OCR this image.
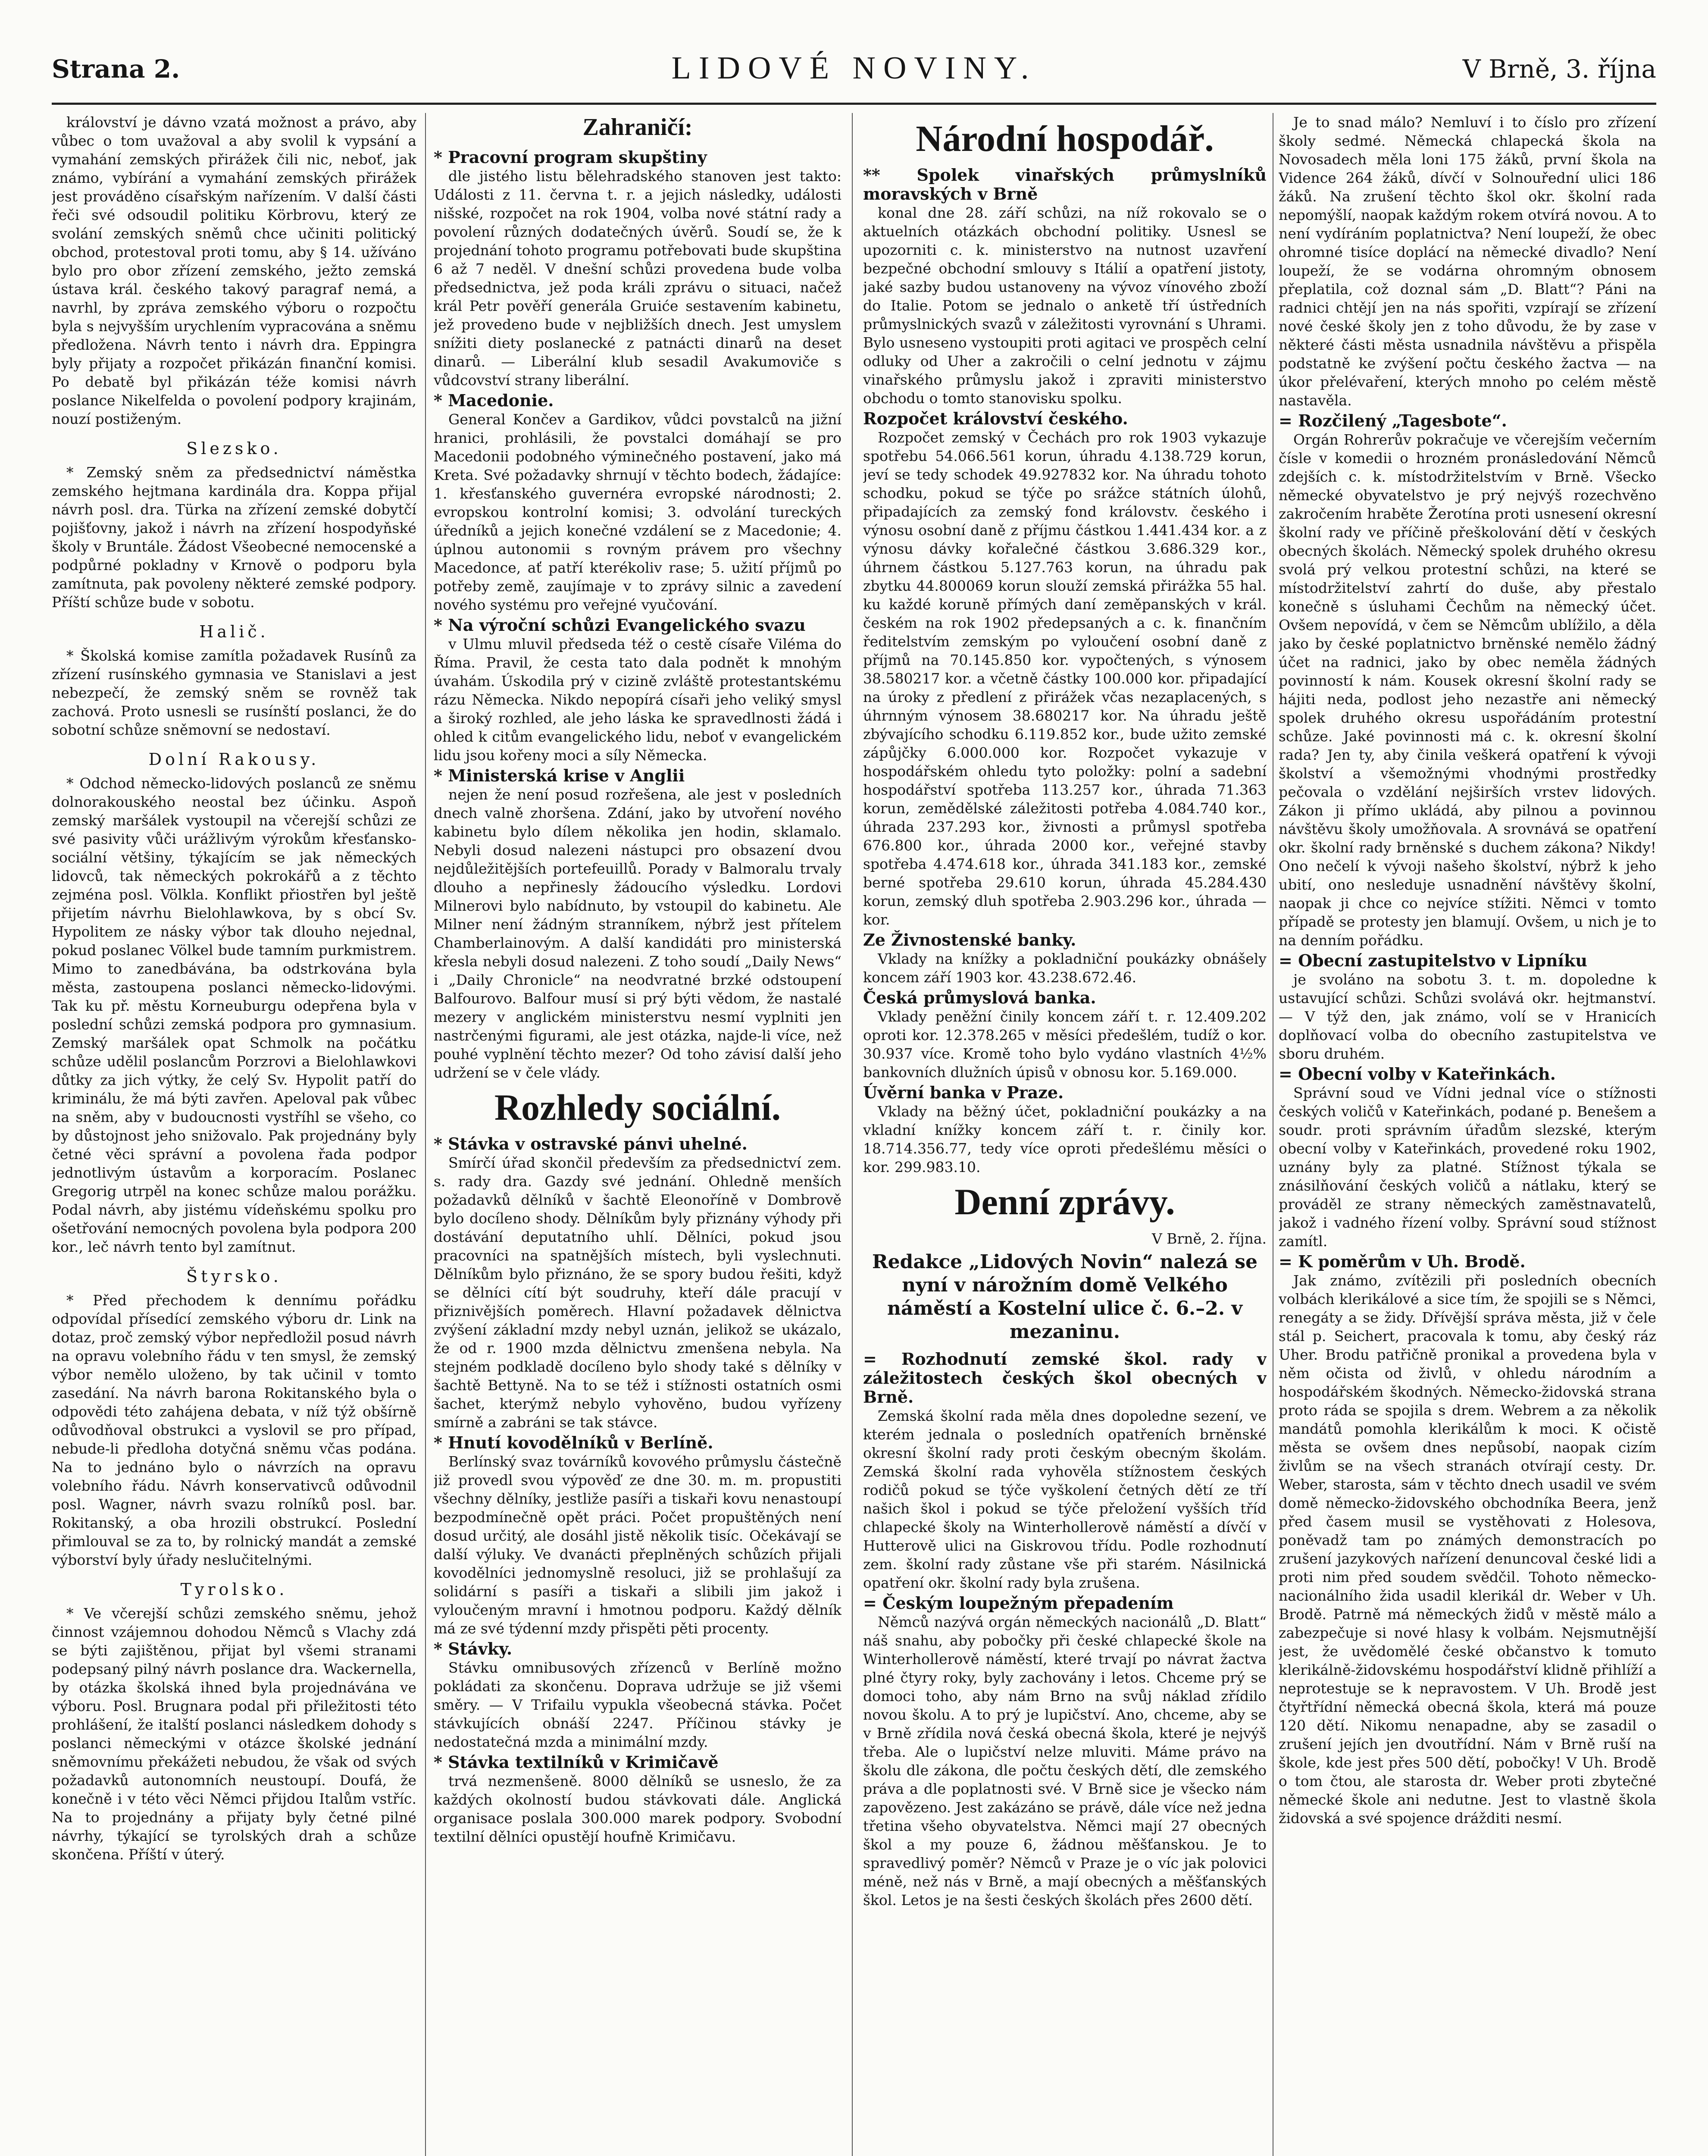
Strana 2.	LIDOVÉ NOVINY.	V Brně, 3. října

království je dávno vzatá možnost a právo, aby vůbec o tom uvažoval a aby svolil k vypsání a vymahání zemských přirážek čili nic, neboť, jak známo, vybírání a vymahání zemských přirážek jest prováděno císařským nařízením. V další části řeči své odsoudil politiku Körbrovu, který ze svolání zemských sněmů chce učiniti politický obchod, protestoval proti tomu, aby § 14. užíváno bylo pro obor zřízení zemského, ježto zemská ústava král. českého takový paragraf nemá, a navrhl, by zpráva zemského výboru o rozpočtu byla s nejvyšším urychlením vypracována a sněmu předložena. Návrh tento i návrh dra. Eppingra byly přijaty a rozpočet přikázán finanční komisi. Po debatě byl přikázán téže komisi návrh poslance Nikelfelda o povolení podpory krajinám, nouzí postiženým.

Slezsko.

* Zemský sněm za předsednictví náměstka zemského hejtmana kardinála dra. Koppa přijal návrh posl. dra. Türka na zřízení zemské dobytčí pojišťovny, jakož i návrh na zřízení hospodyňské školy v Bruntále. Žádost Všeobecné nemocenské a podpůrné pokladny v Krnově o podporu byla zamítnuta, pak povoleny některé zemské podpory. Příští schůze bude v sobotu.

Halič.

* Školská komise zamítla požadavek Rusínů za zřízení rusínského gymnasia ve Stanislavi a jest nebezpečí, že zemský sněm se rovněž tak zachová. Proto usnesli se rusínští poslanci, že do sobotní schůze sněmovní se nedostaví.

Dolní Rakousy.

* Odchod německo-lidových poslanců ze sněmu dolnorakouského neostal bez účinku. Aspoň zemský maršálek vystoupil na včerejší schůzi ze své pasivity vůči urážlivým výrokům křesťansko-sociální většiny, týkajícím se jak německých lidovců, tak německých pokrokářů a z těchto zejména posl. Völkla. Konflikt přiostřen byl ještě přijetím návrhu Bielohlawkova, by s obcí Sv. Hypolitem ze násky výbor tak dlouho nejednal, pokud poslanec Völkel bude tamním purkmistrem. Mimo to zanedbávána, ba odstrkována byla města, zastoupena poslanci německo-lidovými. Tak ku př. městu Korneuburgu odepřena byla v poslední schůzi zemská podpora pro gymnasium. Zemský maršálek opat Schmolk na počátku schůze udělil poslancům Porzrovi a Bielohlawkovi důtky za jich výtky, že celý Sv. Hypolit patří do kriminálu, že má býti zavřen. Apeloval pak vůbec na sněm, aby v budoucnosti vystříhl se všeho, co by důstojnost jeho snižovalo. Pak projednány byly četné věci správní a povolena řada podpor jednotlivým ústavům a korporacím. Poslanec Gregorig utrpěl na konec schůze malou porážku. Podal návrh, aby jistému vídeňskému spolku pro ošetřování nemocných povolena byla podpora 200 kor., leč návrh tento byl zamítnut.

Štyrsko.

* Před přechodem k dennímu pořádku odpovídal přísedící zemského výboru dr. Link na dotaz, proč zemský výbor nepředložil posud návrh na opravu volebního řádu v ten smysl, že zemský výbor nemělo uloženo, by tak učinil v tomto zasedání. Na návrh barona Rokitanského byla o odpovědi této zahájena debata, v níž týž obšírně odůvodňoval obstrukci a vyslovil se pro případ, nebude-li předloha dotyčná sněmu včas podána. Na to jednáno bylo o návrzích na opravu volebního řádu. Návrh konservativců odůvodnil posl. Wagner, návrh svazu rolníků posl. bar. Rokitanský, a oba hrozili obstrukcí. Poslední přimlouval se za to, by rolnický mandát a zemské výborství byly úřady neslučitelnými.

Tyrolsko.

* Ve včerejší schůzi zemského sněmu, jehož činnost vzájemnou dohodou Němců s Vlachy zdá se býti zajištěnou, přijat byl všemi stranami podepsaný pilný návrh poslance dra. Wackernella, by otázka školská ihned byla projednávána ve výboru. Posl. Brugnara podal při přiležitosti této prohlášení, že italští poslanci následkem dohody s poslanci německými v otázce školské jednání sněmovnímu překážeti nebudou, že však od svých požadavků autonomních neustoupí. Doufá, že konečně i v této věci Němci přijdou Italům vstříc. Na to projednány a přijaty byly četné pilné návrhy, týkající se tyrolských drah a schůze skončena. Příští v úterý.

Zahraničí:
* Pracovní program skupštiny

dle jistého listu bělehradského stanoven jest takto: Události z 11. června t. r. a jejich následky, události nišské, rozpočet na rok 1904, volba nové státní rady a povolení různých dodatečných úvěrů. Soudí se, že k projednání tohoto programu potřebovati bude skupština 6 až 7 neděl. V dnešní schůzi provedena bude volba předsednictva, jež poda králi zprávu o situaci, načež král Petr pověří generála Gruiće sestavením kabinetu, jež provedeno bude v nejbližších dnech. Jest umyslem snížiti diety poslanecké z patnácti dinarů na deset dinarů. — Liberální klub sesadil Avakumoviče s vůdcovství strany liberální.

* Macedonie.

General Končev a Gardikov, vůdci povstalců na jižní hranici, prohlásili, že povstalci domáhají se pro Macedonii podobného výminečného postavení, jako má Kreta. Své požadavky shrnují v těchto bodech, žádajíce: 1. křesťanského guvernéra evropské národnosti; 2. evropskou kontrolní komisi; 3. odvolání tureckých úředníků a jejich konečné vzdálení se z Macedonie; 4. úplnou autonomii s rovným právem pro všechny Macedonce, ať patří kterékoliv rase; 5. užití příjmů po potřeby země, zaujímaje v to zprávy silnic a zavedení nového systému pro veřejné vyučování.

* Na výroční schůzi Evangelického svazu

v Ulmu mluvil předseda též o cestě císaře Viléma do Říma. Pravil, že cesta tato dala podnět k mnohým úvahám. Úskodila prý v cizině zvláště protestantskému rázu Německa. Nikdo nepopírá císaři jeho veliký smysl a široký rozhled, ale jeho láska ke spravedlnosti žádá i ohled k citům evangelického lidu, neboť v evangelickém lidu jsou kořeny moci a síly Německa.

* Ministerská krise v Anglii

nejen že není posud rozřešena, ale jest v posledních dnech valně zhoršena. Zdání, jako by utvoření nového kabinetu bylo dílem několika jen hodin, sklamalo. Nebyli dosud nalezeni nástupci pro obsazení dvou nejdůležitějších portefeuillů. Porady v Balmoralu trvaly dlouho a nepřinesly žádoucího výsledku. Lordovi Milnerovi bylo nabídnuto, by vstoupil do kabinetu. Ale Milner není žádným stranníkem, nýbrž jest přítelem Chamberlainovým. A další kandidáti pro ministerská křesla nebyli dosud nalezeni. Z toho soudí „Daily News“ i „Daily Chronicle“ na neodvratné brzké odstoupení Balfourovo. Balfour musí si prý býti vědom, že nastalé mezery v anglickém ministerstvu nesmí vyplniti jen nastrčenými figurami, ale jest otázka, najde-li více, než pouhé vyplnění těchto mezer? Od toho závisí další jeho udržení se v čele vlády.

Rozhledy sociální.
* Stávka v ostravské pánvi uhelné.

Smírčí úřad skončil především za předsednictví zem. s. rady dra. Gazdy své jednání. Ohledně menších požadavků dělníků v šachtě Eleonoříně v Dombrově bylo docíleno shody. Dělníkům byly přiznány výhody při dostávání deputatního uhlí. Dělníci, pokud jsou pracovníci na spatnějších místech, byli vyslechnuti. Dělníkům bylo přiznáno, že se spory budou řešiti, když se dělníci cítí být soudruhy, kteří dále pracují v přiznivějších poměrech. Hlavní požadavek dělnictva zvýšení základní mzdy nebyl uznán, jelikož se ukázalo, že od r. 1900 mzda dělnictvu zmenšena nebyla. Na stejném podkladě docíleno bylo shody také s dělníky v šachtě Bettyně. Na to se též i stížnosti ostatních osmi šachet, kterýmž nebylo vyhověno, budou vyřízeny smírně a zabráni se tak stávce.

* Hnutí kovodělníků v Berlíně.

Berlínský svaz továrníků kovového průmyslu částečně již provedl svou výpověď ze dne 30. m. m. propustiti všechny dělníky, jestliže pasíři a tiskaři kovu nenastoupí bezpodmínečně opět práci. Počet propuštěných není dosud určitý, ale dosáhl jistě několik tisíc. Očekávají se další výluky. Ve dvanácti přeplněných schůzích přijali kovodělníci jednomyslně resoluci, již se prohlašují za solidární s pasíři a tiskaři a slibili jim jakož i vyloučeným mravní i hmotnou podporu. Každý dělník má ze své týdenní mzdy přispěti pěti procenty.

* Stávky.

Stávku omnibusových zřízenců v Berlíně možno pokládati za skončenu. Doprava udržuje se již všemi směry. — V Trifailu vypukla všeobecná stávka. Počet stávkujících obnáší 2247. Příčinou stávky je nedostatečná mzda a minimální mzdy.

* Stávka textilníků v Krimičavě

trvá nezmenšeně. 8000 dělníků se usneslo, že za každých okolností budou stávkovati dále. Anglická organisace poslala 300.000 marek podpory. Svobodní textilní dělníci opustějí houfně Krimičavu.

Národní hospodář.
** Spolek vinařských průmyslníků moravských v Brně

konal dne 28. září schůzi, na níž rokovalo se o aktuelních otázkách obchodní politiky. Usnesl se upozorniti c. k. ministerstvo na nutnost uzavření bezpečné obchodní smlouvy s Itálií a opatření jistoty, jaké sazby budou ustanoveny na vývoz vínového zboží do Italie. Potom se jednalo o anketě tří ústředních průmyslnických svazů v záležitosti vyrovnání s Uhrami. Bylo usneseno vystoupiti proti agitaci ve prospěch celní odluky od Uher a zakročili o celní jednotu v zájmu vinařského průmyslu jakož i zpraviti ministerstvo obchodu o tomto stanovisku spolku.

Rozpočet království českého.

Rozpočet zemský v Čechách pro rok 1903 vykazuje spotřebu 54.066.561 korun, úhradu 4.138.729 korun, jeví se tedy schodek 49.927832 kor. Na úhradu tohoto schodku, pokud se týče po srážce státních úlohů, připadajících za zemský fond královstv. českého i výnosu osobní daně z příjmu částkou 1.441.434 kor. a z výnosu dávky kořalečné částkou 3.686.329 kor., úhrnem částkou 5.127.763 korun, na úhradu pak zbytku 44.800069 korun slouží zemská přirážka 55 hal. ku každé koruně přímých daní zeměpanských v král. českém na rok 1902 předepsaných a c. k. finančním ředitelstvím zemským po vyloučení osobní daně z příjmů na 70.145.850 kor. vypočtených, s výnosem 38.580217 kor. a včetně částky 100.000 kor. připadající na úroky z předlení z přirážek včas nezaplacených, s úhrnným výnosem 38.680217 kor. Na úhradu ještě zbývajícího schodku 6.119.852 kor., bude užito zemské zápůjčky 6.000.000 kor. Rozpočet vykazuje v hospodářském ohledu tyto položky: polní a sadební hospodářství spotřeba 113.257 kor., úhrada 71.363 korun, zemědělské záležitosti potřeba 4.084.740 kor., úhrada 237.293 kor., živnosti a průmysl spotřeba 676.800 kor., úhrada 2000 kor., veřejné stavby spotřeba 4.474.618 kor., úhrada 341.183 kor., zemské berné spotřeba 29.610 korun, úhrada 45.284.430 korun, zemský dluh spotřeba 2.903.296 kor., úhrada — kor.

Ze Živnostenské banky.

Vklady na knížky a pokladniční poukázky obnášely koncem září 1903 kor. 43.238.672.46.

Česká průmyslová banka.

Vklady peněžní činily koncem září t. r. 12.409.202 oproti kor. 12.378.265 v měsíci předešlém, tudíž o kor. 30.937 více. Kromě toho bylo vydáno vlastních 4½% bankovních dlužních úpisů v obnosu kor. 5.169.000.

Úvěrní banka v Praze.

Vklady na běžný účet, pokladniční poukázky a na vkladní knížky koncem září t. r. činily kor. 18.714.356.77, tedy více oproti předešlému měsíci o kor. 299.983.10.

Denní zprávy.
V Brně, 2. října.
Redakce „Lidových Novin“ nalezá se nyní v nárožním domě Velkého náměstí a Kostelní ulice č. 6.–2. v mezaninu.
= Rozhodnutí zemské škol. rady v záležitostech českých škol obecných v Brně.

Zemská školní rada měla dnes dopoledne sezení, ve kterém jednala o posledních opatřeních brněnské okresní školní rady proti českým obecným školám. Zemská školní rada vyhověla stížnostem českých rodičů pokud se týče vyškolení četných dětí ze tří našich škol i pokud se týče přeložení vyšších tříd chlapecké školy na Winterhollerově náměstí a dívčí v Hutterově ulici na Giskrovou třídu. Podle rozhodnutí zem. školní rady zůstane vše při starém. Násilnická opatření okr. školní rady byla zrušena.

= Českým loupežným přepadením

Němců nazývá orgán německých nacionálů „D. Blatt“ náš snahu, aby pobočky při české chlapecké škole na Winterhollerově náměstí, které trvají po návrat žactva plné čtyry roky, byly zachovány i letos. Chceme prý se domoci toho, aby nám Brno na svůj náklad zřídilo novou školu. A to prý je lupičství. Ano, chceme, aby se v Brně zřídila nová česká obecná škola, které je nejvýš třeba. Ale o lupičství nelze mluviti. Máme právo na školu dle zákona, dle počtu českých dětí, dle zemského práva a dle poplatnosti své. V Brně sice je všecko nám zapovězeno. Jest zakázáno se právě, dále více než jedna třetina všeho obyvatelstva. Němci mají 27 obecných škol a my pouze 6, žádnou měšťanskou. Je to spravedlivý poměr? Němců v Praze je o víc jak polovici méně, než nás v Brně, a mají obecných a měšťanských škol. Letos je na šesti českých školách přes 2600 dětí.

Je to snad málo? Nemluví i to číslo pro zřízení školy sedmé. Německá chlapecká škola na Novosadech měla loni 175 žáků, první škola na Vidence 264 žáků, dívčí v Solnouřední ulici 186 žáků. Na zrušení těchto škol okr. školní rada nepomýšlí, naopak každým rokem otvírá novou. A to není vydíráním poplatnictva? Není loupeží, že obec ohromné tisíce doplácí na německé divadlo? Není loupeží, že se vodárna ohromným obnosem přeplatila, což doznal sám „D. Blatt“? Páni na radnici chtějí jen na nás spořiti, vzpírají se zřízení nové české školy jen z toho důvodu, že by zase v některé části města usnadnila návštěvu a přispěla podstatně ke zvýšení počtu českého žactva — na úkor přelévaření, kterých mnoho po celém městě nastavěla.

= Rozčilený „Tagesbote“.

Orgán Rohrerův pokračuje ve včerejším večerním čísle v komedii o hrozném pronásledování Němců zdejších c. k. místodržitelstvím v Brně. Všecko německé obyvatelstvo je prý nejvýš rozechvěno zakročením hraběte Žerotína proti usnesení okresní školní rady ve příčině přeškolování dětí v českých obecných školách. Německý spolek druhého okresu svolá prý velkou protestní schůzi, na které se místodržitelství zahrtí do duše, aby přestalo konečně s úsluhami Čechům na německý účet. Ovšem nepovídá, v čem se Němcům ublížilo, a děla jako by české poplatnictvo brněnské nemělo žádný účet na radnici, jako by obec neměla žádných povinností k nám. Kousek okresní školní rady se hájiti neda, podlost jeho nezastře ani německý spolek druhého okresu uspořádáním protestní schůze. Jaké povinnosti má c. k. okresní školní rada? Jen ty, aby činila veškerá opatření k vývoji školství a všemožnými vhodnými prostředky pečovala o vzdělání nejširších vrstev lidových. Zákon ji přímo ukládá, aby pilnou a povinnou návštěvu školy umožňovala. A srovnává se opatření okr. školní rady brněnské s duchem zákona? Nikdy! Ono nečelí k vývoji našeho školství, nýbrž k jeho ubití, ono nesleduje usnadnění návštěvy školní, naopak ji chce co nejvíce stížiti. Němci v tomto případě se protesty jen blamují. Ovšem, u nich je to na denním pořádku.

= Obecní zastupitelstvo v Lipníku

je svoláno na sobotu 3. t. m. dopoledne k ustavující schůzi. Schůzi svolává okr. hejtmanství. — V týž den, jak známo, volí se v Hranicích doplňovací volba do obecního zastupitelstva ve sboru druhém.

= Obecní volby v Kateřinkách.

Správní soud ve Vídni jednal více o stížnosti českých voličů v Kateřinkách, podané p. Benešem a soudr. proti správním úřadům slezské, kterým obecní volby v Kateřinkách, provedené roku 1902, uznány byly za platné. Stížnost týkala se znásilňování českých voličů a nátlaku, který se prováděl ze strany německých zaměstnavatelů, jakož i vadného řízení volby. Správní soud stížnost zamítl.

= K poměrům v Uh. Brodě.

Jak známo, zvítězili při posledních obecních volbách klerikálové a sice tím, že spojili se s Němci, renegáty a se židy. Dřívější správa města, již v čele stál p. Seichert, pracovala k tomu, aby český ráz Uher. Brodu patřičně pronikal a provedena byla v něm očista od živlů, v ohledu národním a hospodářském škodných. Německo-židovská strana proto ráda se spojila s drem. Webrem a za několik mandátů pomohla klerikálům k moci. K očistě města se ovšem dnes nepůsobí, naopak cizím živlům se na všech stranách otvírají cesty. Dr. Weber, starosta, sám v těchto dnech usadil ve svém domě německo-židovského obchodníka Beera, jenž před časem musil se vystěhovati z Holesova, poněvadž tam po známých demonstracích po zrušení jazykových nařízení denuncoval české lidi a proti nim před soudem svědčil. Tohoto německo-nacionálního žida usadil klerikál dr. Weber v Uh. Brodě. Patrně má německých židů v městě málo a zabezpečuje si nové hlasy k volbám. Nejsmutnější jest, že uvědomělé české občanstvo k tomuto klerikálně-židovskému hospodářství klidně přihlíží a neprotestuje se k nepravostem. V Uh. Brodě jest čtyřtřídní německá obecná škola, která má pouze 120 dětí. Nikomu nenapadne, aby se zasadil o zrušení jejích jen dvoutřídní. Nám v Brně ruší na škole, kde jest přes 500 dětí, pobočky! V Uh. Brodě o tom čtou, ale starosta dr. Weber proti zbytečné německé škole ani nedutne. Jest to vlastně škola židovská a své spojence drážditi nesmí.
